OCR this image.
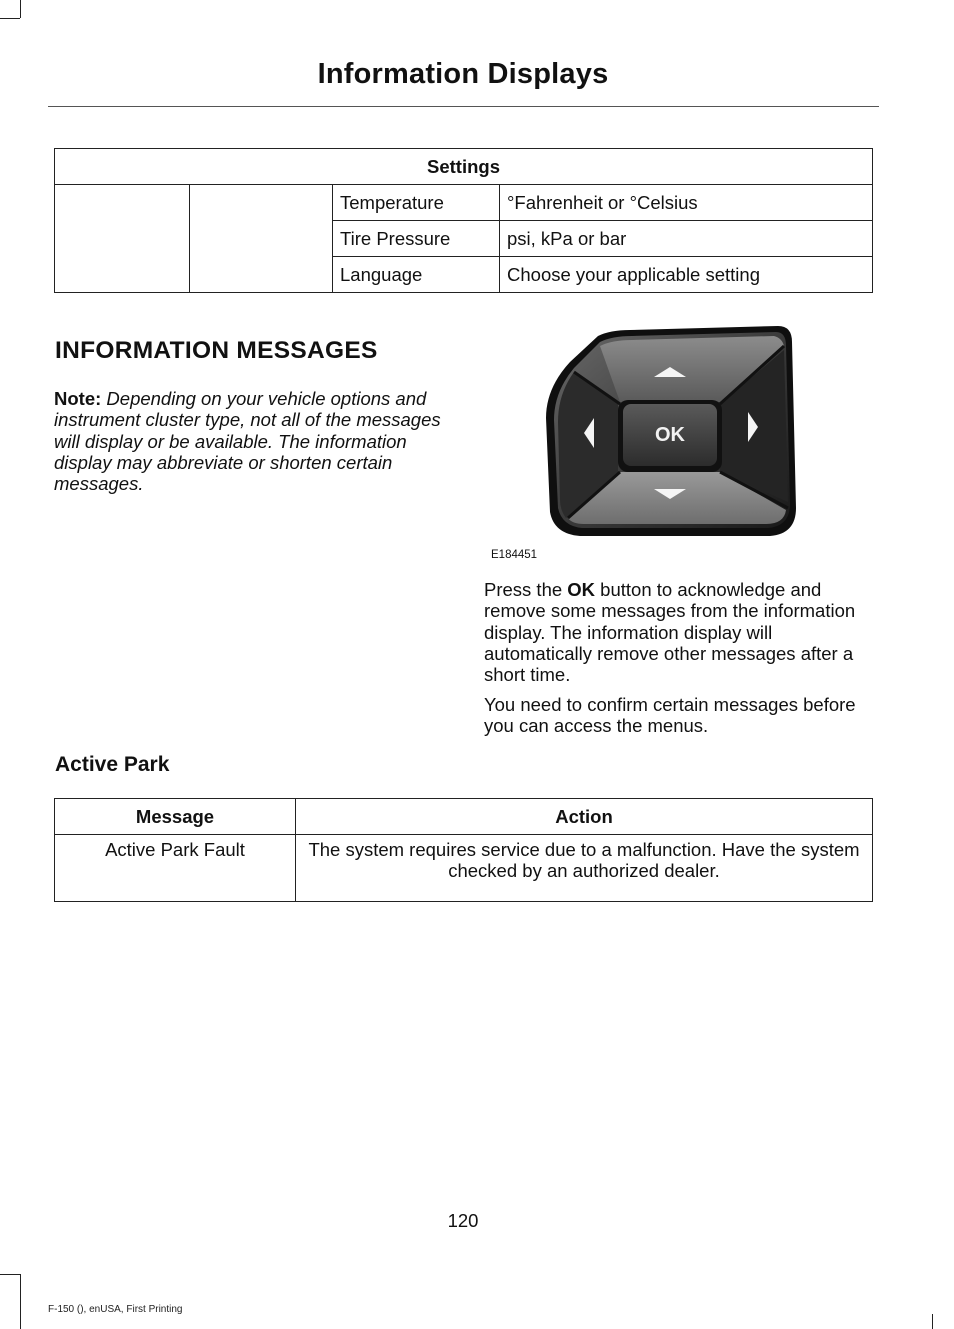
Information Displays
Settings			
		Temperature	°Fahrenheit or °Celsius
		Tire Pressure	psi, kPa or bar
		Language	Choose your applicable setting
INFORMATION MESSAGES
Note: Depending on your vehicle options and instrument cluster type, not all of the messages will display or be available. The information display may abbreviate or shorten certain messages.
OK
E184451

Press the OK button to acknowledge and remove some messages from the information display. The information display will automatically remove other messages after a short time.

You need to confirm certain messages before you can access the menus.

Active Park
Message	Action
Active Park Fault	The system requires service due to a malfunction. Have the system checked by an authorized dealer.
120
F-150 (), enUSA, First Printing
